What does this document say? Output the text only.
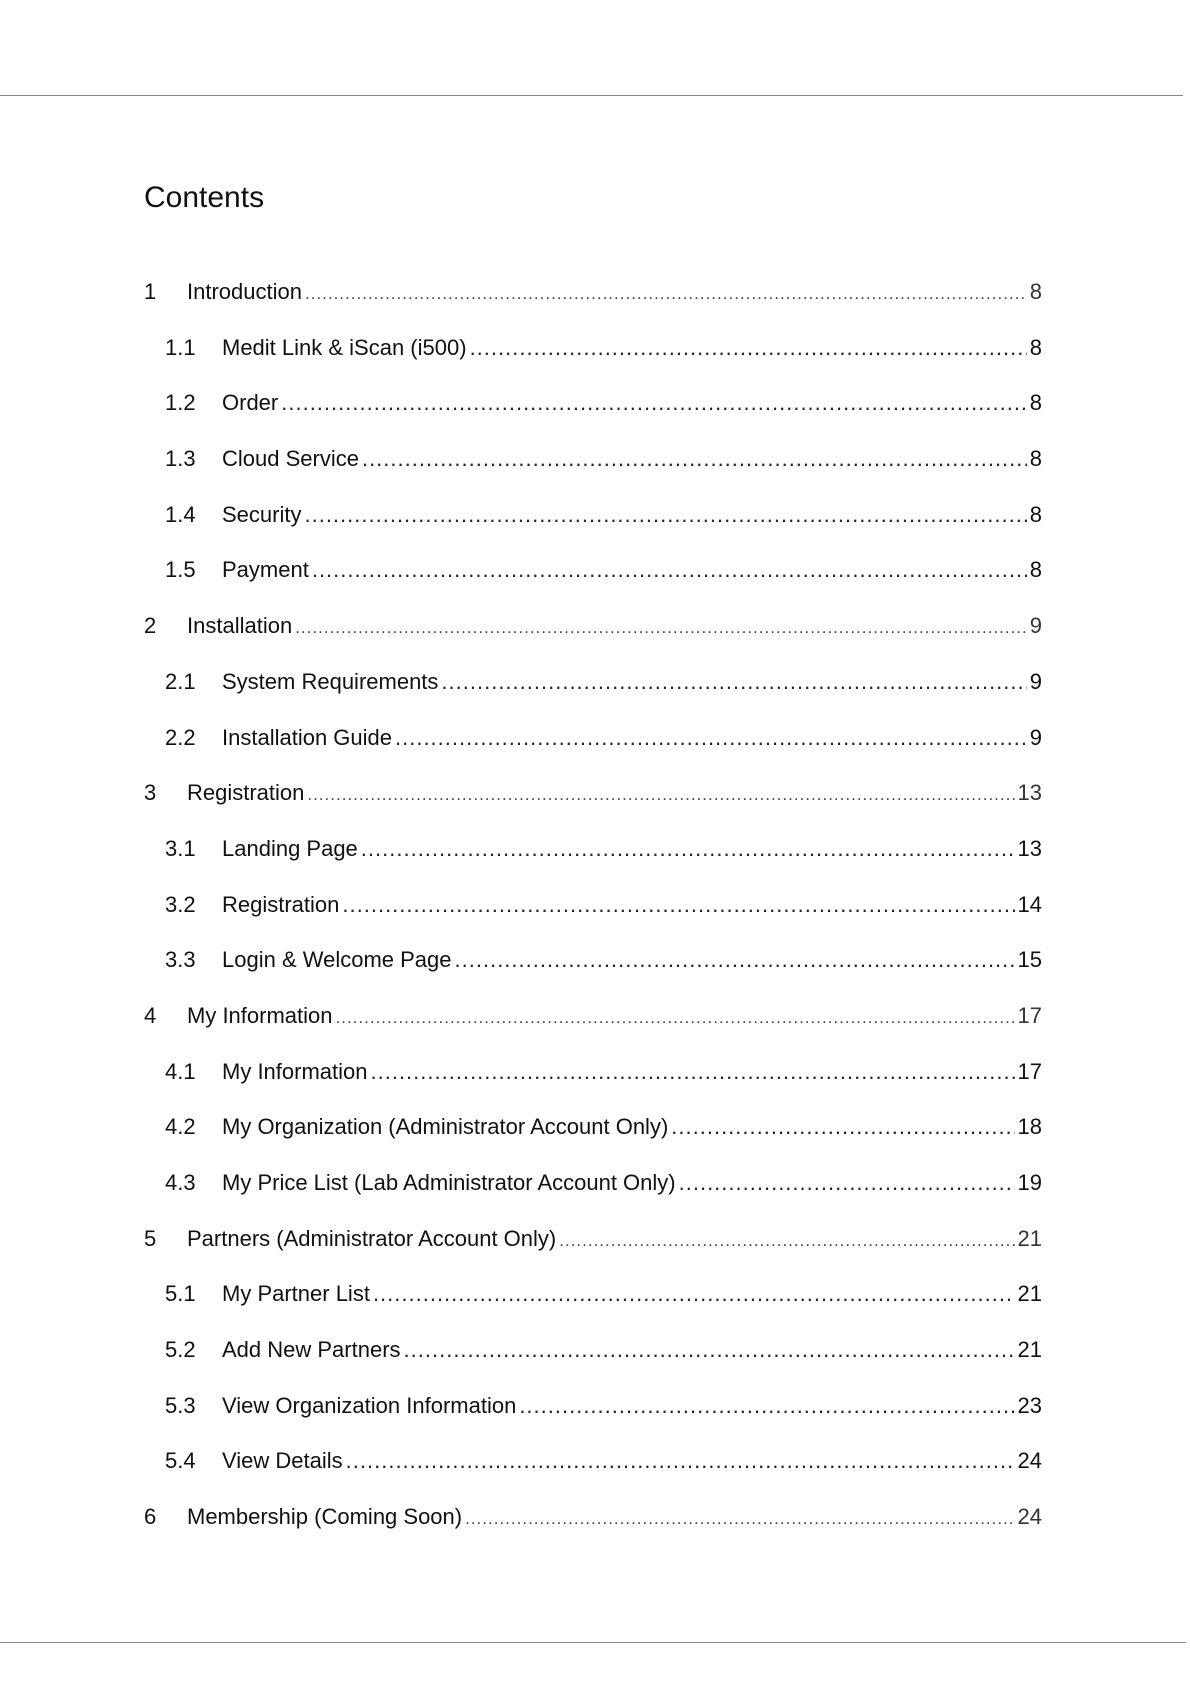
Contents
1	Introduction .....	8
1.1	Medit Link & iScan (i500) .....	8
1.2	Order .....	8
1.3	Cloud Service .....	8
1.4	Security .....	8
1.5	Payment .....	8
2	Installation .....	9
2.1	System Requirements .....	9
2.2	Installation Guide .....	9
3	Registration .....	13
3.1	Landing Page .....	13
3.2	Registration .....	14
3.3	Login & Welcome Page .....	15
4	My Information .....	17
4.1	My Information .....	17
4.2	My Organization (Administrator Account Only) .....	18
4.3	My Price List (Lab Administrator Account Only) .....	19
5	Partners (Administrator Account Only) .....	21
5.1	My Partner List .....	21
5.2	Add New Partners .....	21
5.3	View Organization Information .....	23
5.4	View Details .....	24
6	Membership (Coming Soon) .....	24
